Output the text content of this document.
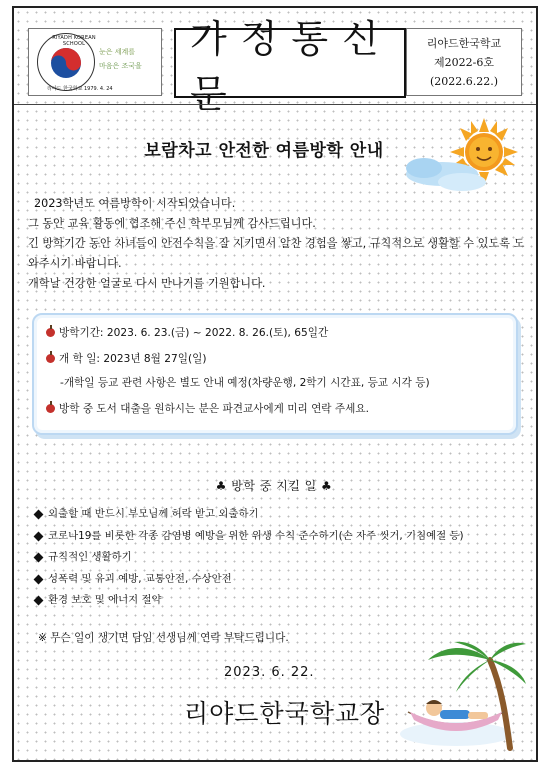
RIYADH KOREAN SCHOOL
눈은 세계를
마음은 조국을
리야드 한국학교 1979. 4. 24
가정통신문
리야드한국학교
제2022-6호
(2022.6.22.)
보람차고 안전한 여름방학 안내

2023학년도 여름방학이 시작되었습니다.

그 동안 교육 활동에 협조해 주신 학부모님께 감사드립니다.

긴 방학기간 동안 자녀들이 안전수칙을 잘 지키면서 알찬 경험을 쌓고, 규칙적으로 생활할 수 있도록 도와주시기 바랍니다.

개학날 건강한 얼굴로 다시 만나기를 기원합니다.

방학기간: 2023. 6. 23.(금) ~ 2022. 8. 26.(토), 65일간
개 학 일: 2023년 8월 27일(일)
-개학일 등교 관련 사항은 별도 안내 예정(차량운행, 2학기 시간표, 등교 시각 등)
방학 중 도서 대출을 원하시는 분은 파견교사에게 미리 연락 주세요.
♣ 방학 중 지킬 일 ♣
외출할 때 반드시 부모님께 허락 받고 외출하기
코로나19를 비롯한 각종 감염병 예방을 위한 위생 수칙 준수하기(손 자주 씻기, 기침예절 등)
규칙적인 생활하기
성폭력 및 유괴 예방, 교통안전, 수상안전
환경 보호 및 에너지 절약
※ 무슨 일이 생기면 담임 선생님께 연락 부탁드립니다.
2023. 6. 22.
리야드한국학교장
